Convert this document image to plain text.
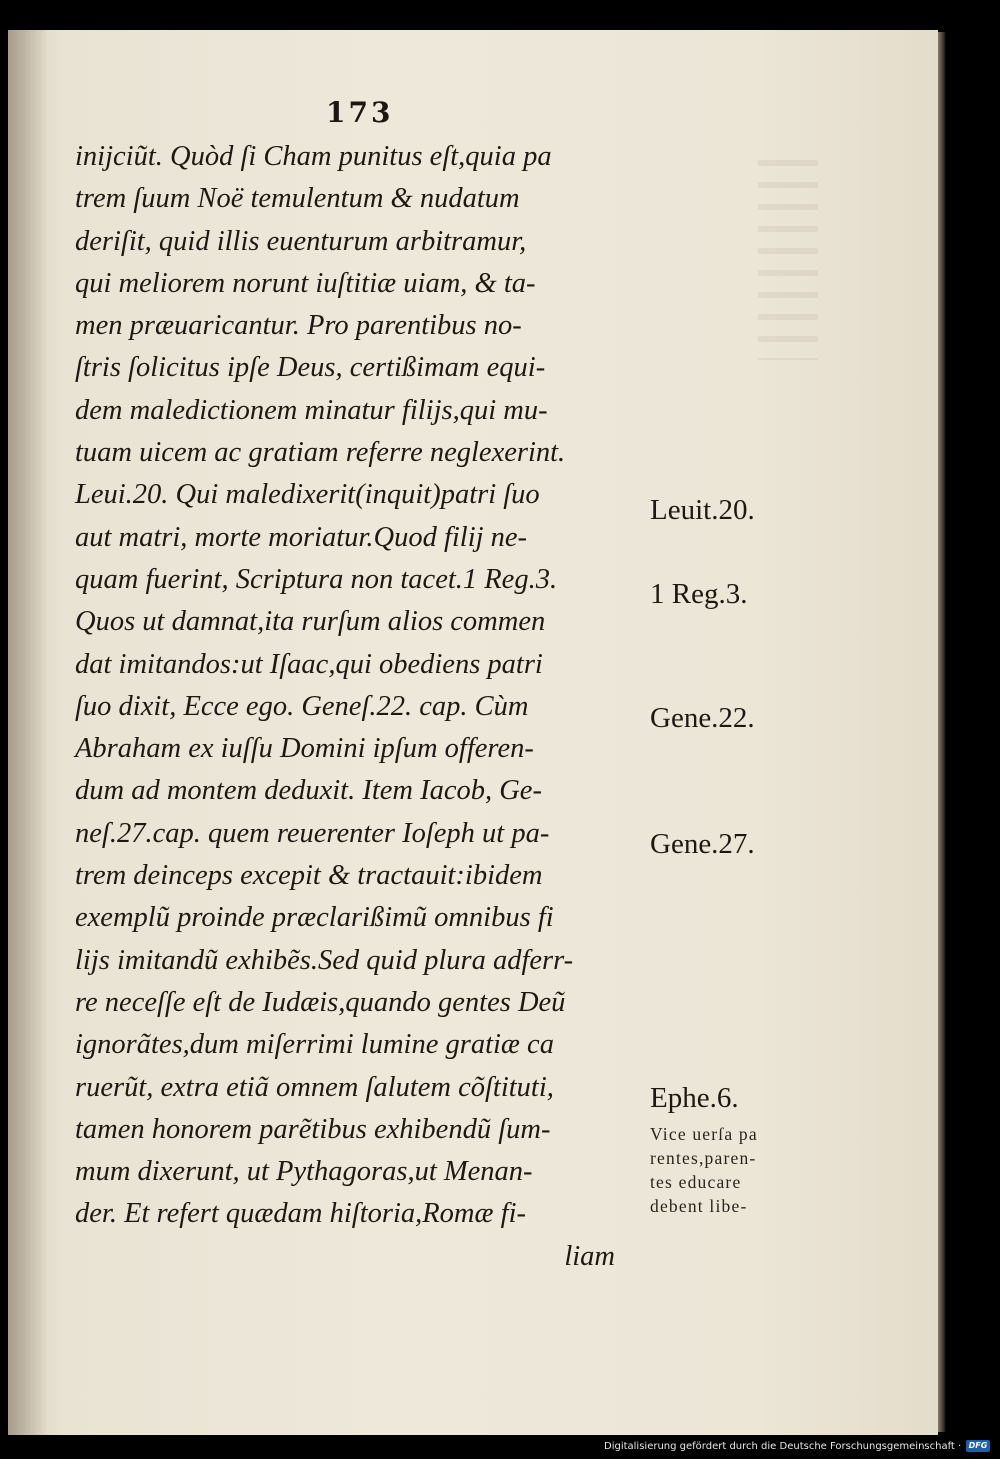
173
inijciũt. Quòd ſi Cham punitus eſt,quia pa
trem ſuum Noë temulentum & nudatum
deriſit, quid illis euenturum arbitramur,
qui meliorem norunt iuſtitiæ uiam, & ta-
men præuaricantur. Pro parentibus no-
ſtris ſolicitus ipſe Deus, certißimam equi-
dem maledictionem minatur filijs,qui mu-
tuam uicem ac gratiam referre neglexerint.
Leui.20. Qui maledixerit(inquit)patri ſuo
aut matri, morte moriatur.Quod filij ne-
quam fuerint, Scriptura non tacet.1 Reg.3.
Quos ut damnat,ita rurſum alios commen
dat imitandos:ut Iſaac,qui obediens patri
ſuo dixit, Ecce ego. Geneſ.22. cap. Cùm
Abraham ex iuſſu Domini ipſum offeren-
dum ad montem deduxit. Item Iacob, Ge-
neſ.27.cap. quem reuerenter Ioſeph ut pa-
trem deinceps excepit & tractauit:ibidem
exemplũ proinde præclarißimũ omnibus fi
lijs imitandũ exhibẽs.Sed quid plura adferr-
re neceſſe eſt de Iudæis,quando gentes Deũ
ignorãtes,dum miſerrimi lumine gratiæ ca
ruerũt, extra etiã omnem ſalutem cõſtituti,
tamen honorem parẽtibus exhibendũ ſum-
mum dixerunt, ut Pythagoras,ut Menan-
der. Et refert quædam hiſtoria,Romæ fi-
liam
Leuit.20.
1 Reg.3.
Gene.22.
Gene.27.
Ephe.6.
Vice uerſa pa
rentes,paren-
tes educare
debent libe-
Digitalisierung gefördert durch die Deutsche Forschungsgemeinschaft · DFG
